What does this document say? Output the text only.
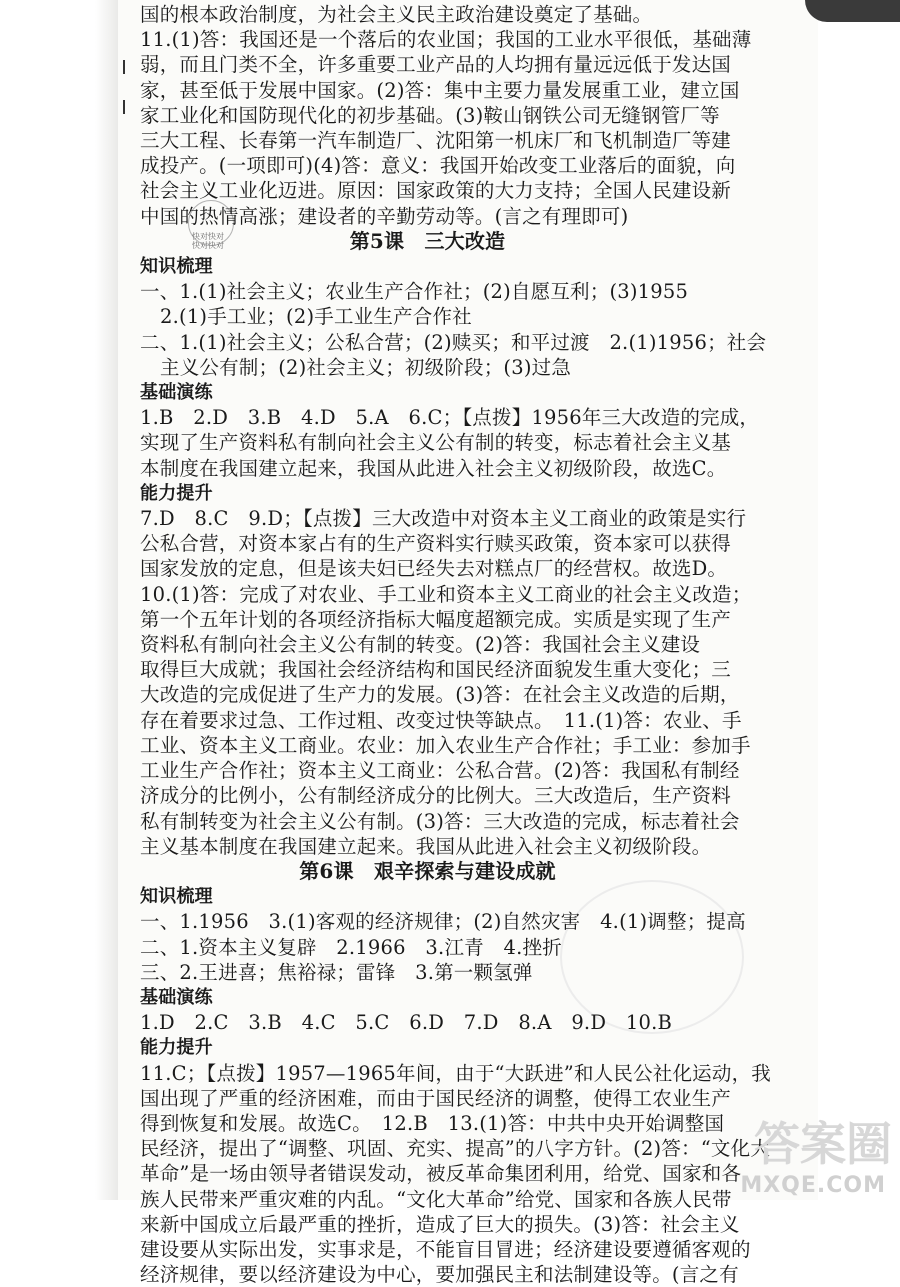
快对快对
快对快对
国的根本政治制度，为社会主义民主政治建设奠定了基础。
11.(1)答：我国还是一个落后的农业国；我国的工业水平很低，基础薄
弱，而且门类不全，许多重要工业产品的人均拥有量远远低于发达国
家，甚至低于发展中国家。(2)答：集中主要力量发展重工业，建立国
家工业化和国防现代化的初步基础。(3)鞍山钢铁公司无缝钢管厂等
三大工程、长春第一汽车制造厂、沈阳第一机床厂和飞机制造厂等建
成投产。(一项即可)(4)答：意义：我国开始改变工业落后的面貌，向
社会主义工业化迈进。原因：国家政策的大力支持；全国人民建设新
中国的热情高涨；建设者的辛勤劳动等。(言之有理即可)
第5课　三大改造
知识梳理
一、1.(1)社会主义；农业生产合作社；(2)自愿互利；(3)1955
2.(1)手工业；(2)手工业生产合作社
二、1.(1)社会主义；公私合营；(2)赎买；和平过渡　2.(1)1956；社会
主义公有制；(2)社会主义；初级阶段；(3)过急
基础演练
1.B　2.D　3.B　4.D　5.A　6.C；【点拨】1956年三大改造的完成，
实现了生产资料私有制向社会主义公有制的转变，标志着社会主义基
本制度在我国建立起来，我国从此进入社会主义初级阶段，故选C。
能力提升
7.D　8.C　9.D；【点拨】三大改造中对资本主义工商业的政策是实行
公私合营，对资本家占有的生产资料实行赎买政策，资本家可以获得
国家发放的定息，但是该夫妇已经失去对糕点厂的经营权。故选D。
10.(1)答：完成了对农业、手工业和资本主义工商业的社会主义改造；
第一个五年计划的各项经济指标大幅度超额完成。实质是实现了生产
资料私有制向社会主义公有制的转变。(2)答：我国社会主义建设
取得巨大成就；我国社会经济结构和国民经济面貌发生重大变化；三
大改造的完成促进了生产力的发展。(3)答：在社会主义改造的后期，
存在着要求过急、工作过粗、改变过快等缺点。　11.(1)答：农业、手
工业、资本主义工商业。农业：加入农业生产合作社；手工业：参加手
工业生产合作社；资本主义工商业：公私合营。(2)答：我国私有制经
济成分的比例小，公有制经济成分的比例大。三大改造后，生产资料
私有制转变为社会主义公有制。(3)答：三大改造的完成，标志着社会
主义基本制度在我国建立起来。我国从此进入社会主义初级阶段。
第6课　艰辛探索与建设成就
知识梳理
一、1.1956　3.(1)客观的经济规律；(2)自然灾害　4.(1)调整；提高
二、1.资本主义复辟　2.1966　3.江青　4.挫折
三、2.王进喜；焦裕禄；雷锋　3.第一颗氢弹
基础演练
1.D　2.C　3.B　4.C　5.C　6.D　7.D　8.A　9.D　10.B
能力提升
11.C；【点拨】1957—1965年间，由于“大跃进”和人民公社化运动，我
国出现了严重的经济困难，而由于国民经济的调整，使得工农业生产
得到恢复和发展。故选C。　12.B　13.(1)答：中共中央开始调整国
民经济，提出了“调整、巩固、充实、提高”的八字方针。(2)答：“文化大
革命”是一场由领导者错误发动，被反革命集团利用，给党、国家和各
族人民带来严重灾难的内乱。“文化大革命”给党、国家和各族人民带
来新中国成立后最严重的挫折，造成了巨大的损失。(3)答：社会主义
建设要从实际出发，实事求是，不能盲目冒进；经济建设要遵循客观的
经济规律，要以经济建设为中心，要加强民主和法制建设等。(言之有
答案圈
MXQE.COM
